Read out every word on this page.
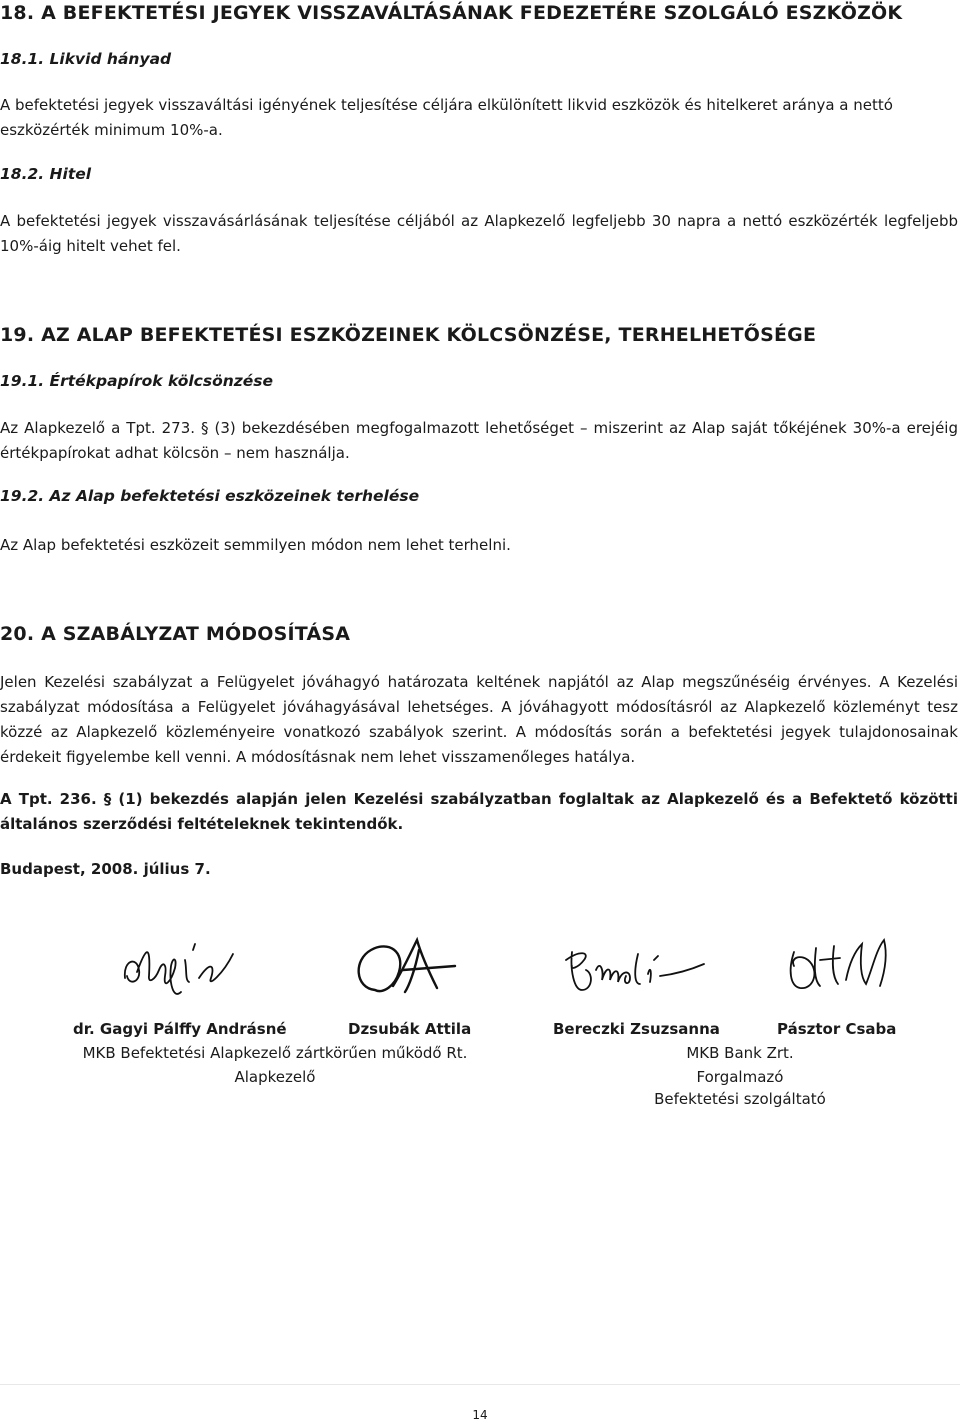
18. A BEFEKTETÉSI JEGYEK VISSZAVÁLTÁSÁNAK FEDEZETÉRE SZOLGÁLÓ ESZKÖZÖK
18.1. Likvid hányad
A befektetési jegyek visszaváltási igényének teljesítése céljára elkülönített likvid eszközök és hitelkeret aránya a nettó eszközérték minimum 10%-a.
18.2. Hitel
A befektetési jegyek visszavásárlásának teljesítése céljából az Alapkezelő legfeljebb 30 napra a nettó eszközérték legfeljebb 10%-áig hitelt vehet fel.
19. AZ ALAP BEFEKTETÉSI ESZKÖZEINEK KÖLCSÖNZÉSE, TERHELHETŐSÉGE
19.1. Értékpapírok kölcsönzése
Az Alapkezelő a Tpt. 273. § (3) bekezdésében megfogalmazott lehetőséget – miszerint az Alap saját tőkéjének 30%-a erejéig értékpapírokat adhat kölcsön – nem használja.
19.2. Az Alap befektetési eszközeinek terhelése
Az Alap befektetési eszközeit semmilyen módon nem lehet terhelni.
20. A SZABÁLYZAT MÓDOSÍTÁSA
Jelen Kezelési szabályzat a Felügyelet jóváhagyó határozata keltének napjától az Alap megszűnéséig érvényes. A Kezelési szabályzat módosítása a Felügyelet jóváhagyásával lehetséges. A jóváhagyott módosításról az Alapkezelő közleményt tesz közzé az Alapkezelő közleményeire vonatkozó szabályok szerint. A módosítás során a befektetési jegyek tulajdonosainak érdekeit figyelembe kell venni. A módosításnak nem lehet visszamenőleges hatálya.
A Tpt. 236. § (1) bekezdés alapján jelen Kezelési szabályzatban foglaltak az Alapkezelő és a Befektető közötti általános szerződési feltételeknek tekintendők.
Budapest, 2008. július 7.
dr. Gagyi Pálffy Andrásné	Dzsubák Attila	Bereczki Zsuzsanna	Pásztor Csaba
MKB Befektetési Alapkezelő zártkörűen működő Rt.
Alapkezelő
MKB Bank Zrt.
Forgalmazó
Befektetési szolgáltató
14
